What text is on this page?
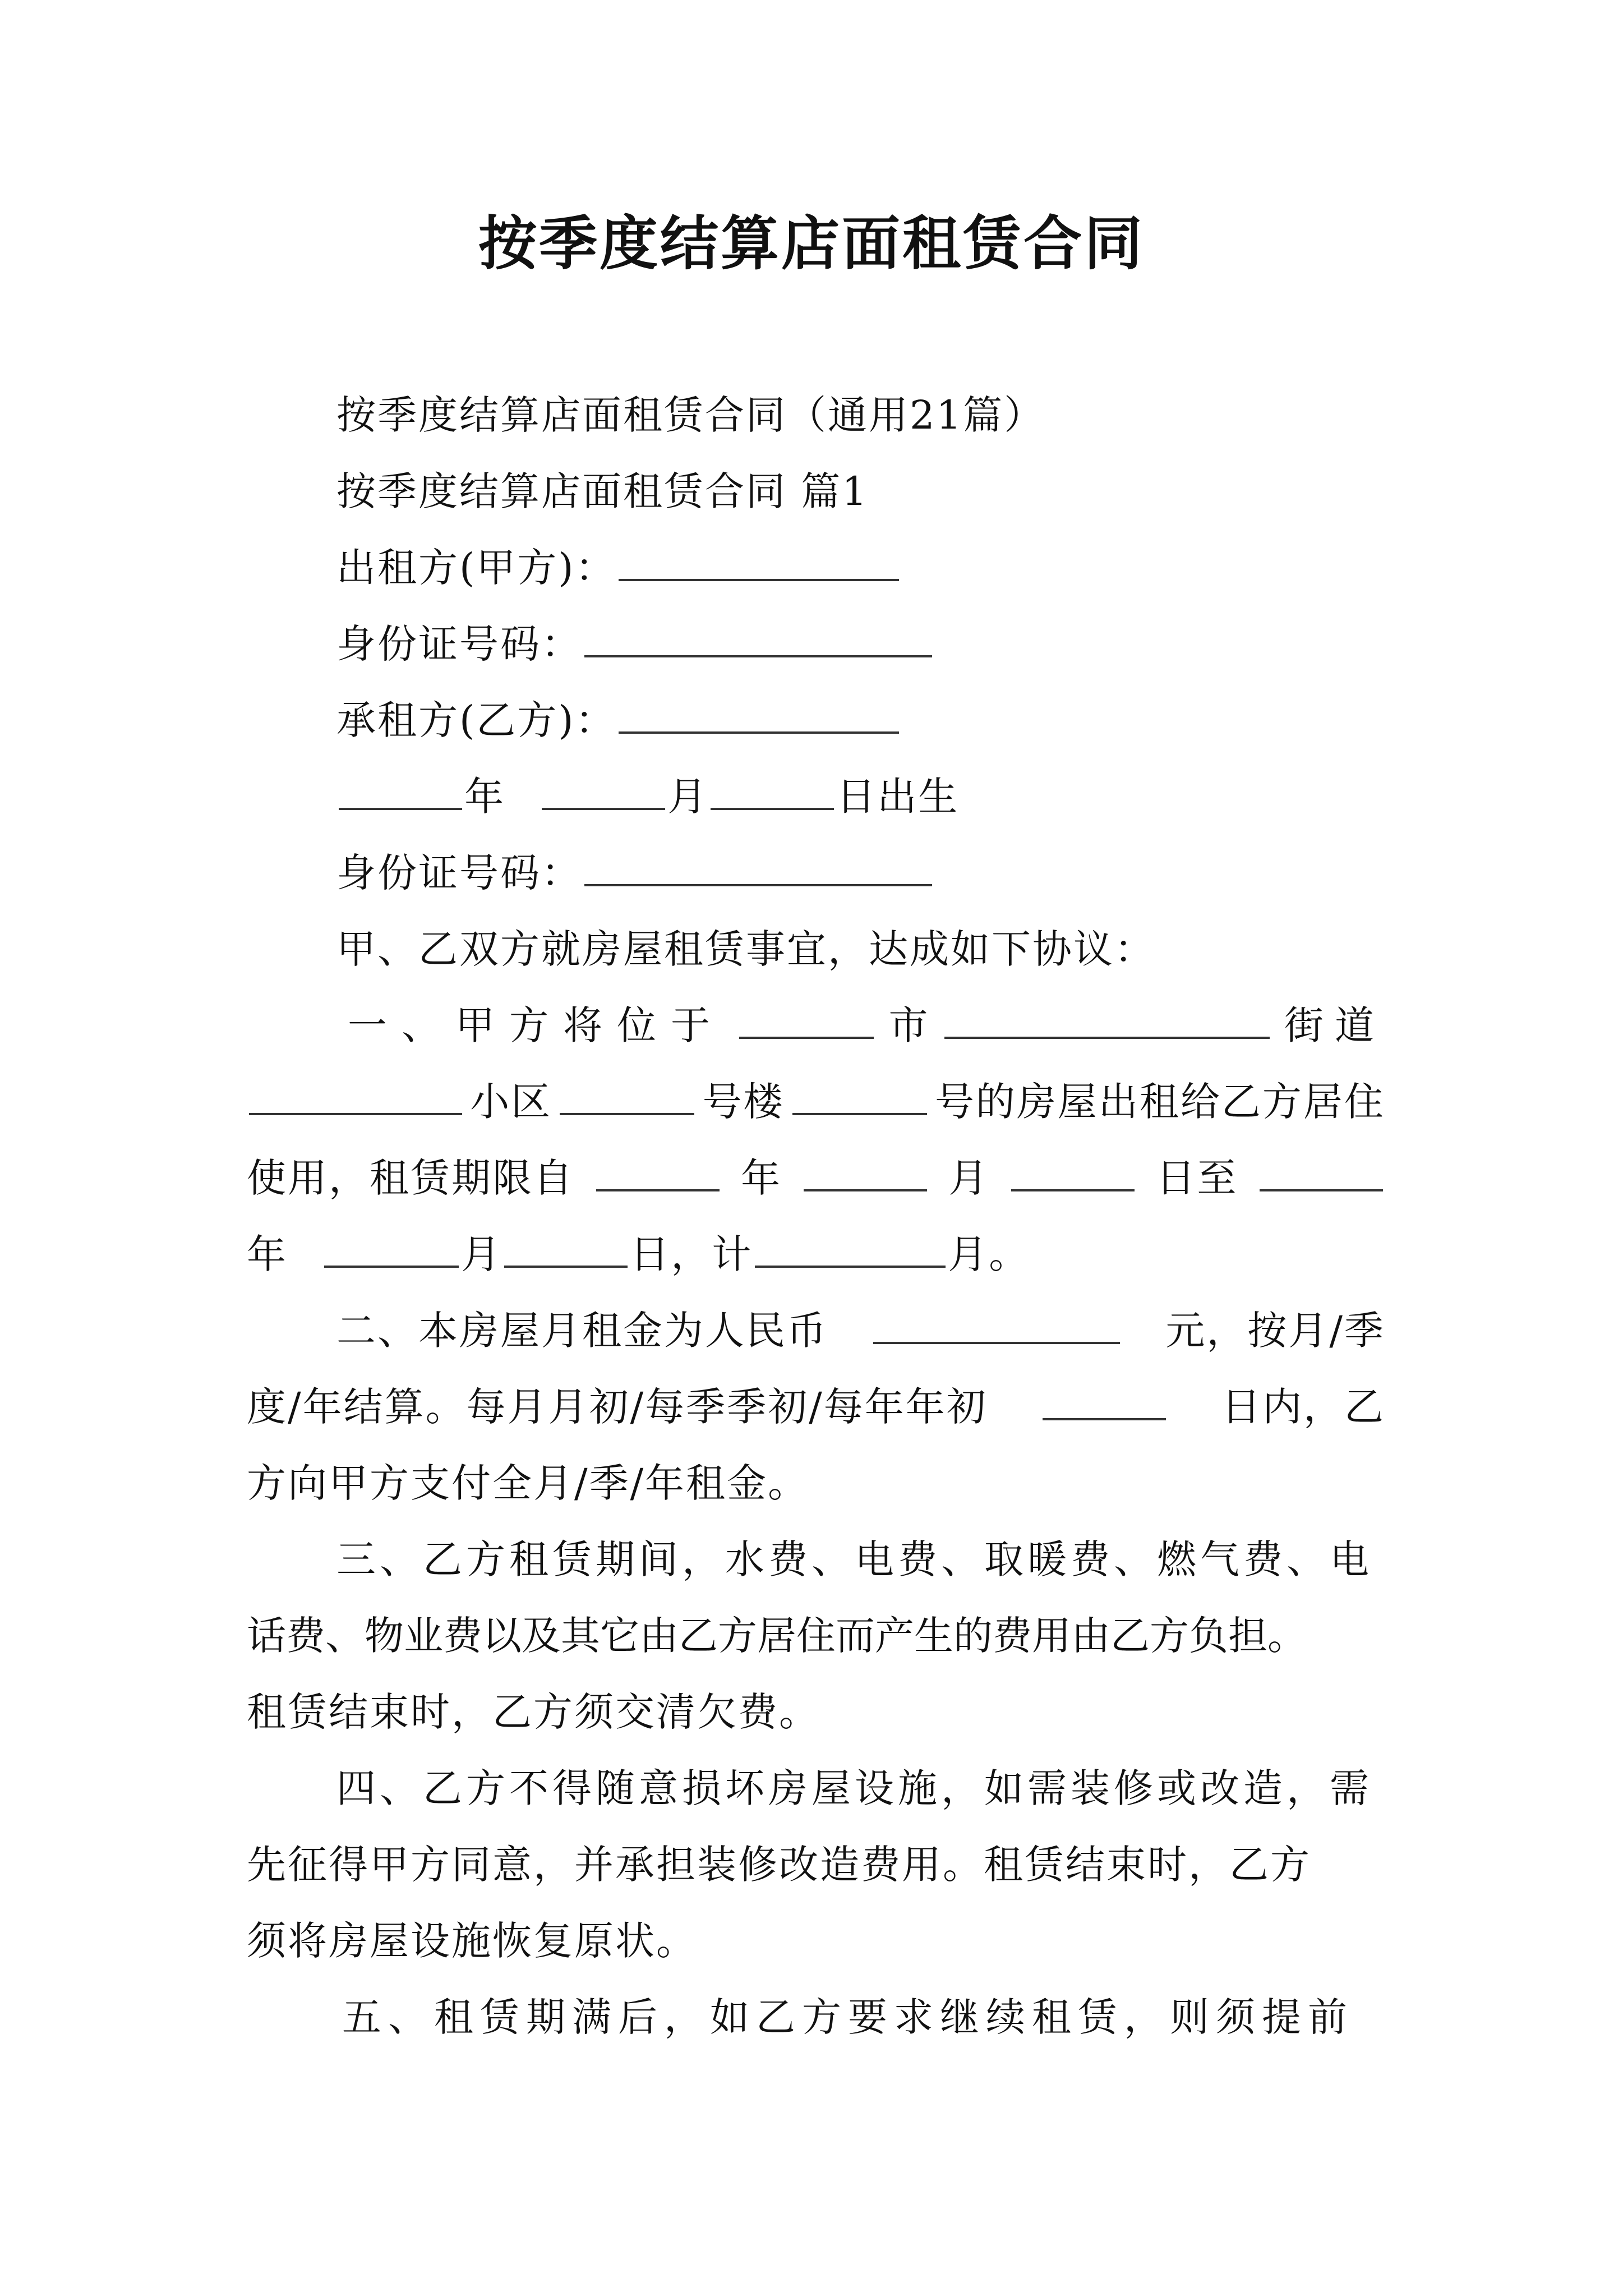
按季度结算店面租赁合同
按季度结算店面租赁合同（通用21篇）
按季度结算店面租赁合同 篇1
出租方(甲方)：
身份证号码：
承租方(乙方)：
年	月	日出生
身份证号码：
甲、乙双方就房屋租赁事宜，达成如下协议：
一、甲方将位于	市	街道
小区	号楼	号的房屋出租给乙方居住
使用，租赁期限自	年	月	日至
年	月	日，计	月。
二、本房屋月租金为人民币	元，按月/季
度/年结算。每月月初/每季季初/每年年初	日内，乙
方向甲方支付全月/季/年租金。
三、乙方租赁期间，水费、电费、取暖费、燃气费、电
话费、物业费以及其它由乙方居住而产生的费用由乙方负担。
租赁结束时，乙方须交清欠费。
四、乙方不得随意损坏房屋设施，如需装修或改造，需
先征得甲方同意，并承担装修改造费用。租赁结束时，乙方
须将房屋设施恢复原状。
五、租赁期满后，如乙方要求继续租赁，则须提前
